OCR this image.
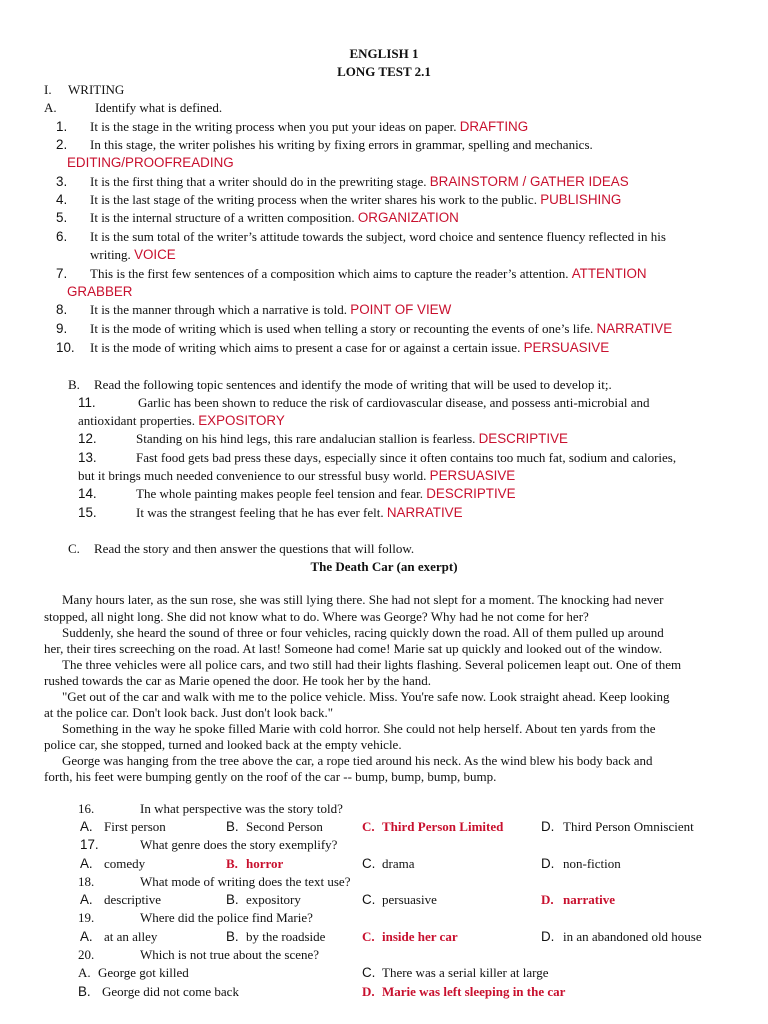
ENGLISH 1
LONG TEST 2.1
I. WRITING
A.	Identify what is defined.
1. It is the stage in the writing process when you put your ideas on paper. DRAFTING
2. In this stage, the writer polishes his writing by fixing errors in grammar, spelling and mechanics.
EDITING/PROOFREADING
3. It is the first thing that a writer should do in the prewriting stage. BRAINSTORM / GATHER IDEAS
4. It is the last stage of the writing process when the writer shares his work to the public. PUBLISHING
5. It is the internal structure of a written composition. ORGANIZATION
6. It is the sum total of the writer’s attitude towards the subject, word choice and sentence fluency reflected in his
writing. VOICE
7. This is the first few sentences of a composition which aims to capture the reader’s attention. ATTENTION
GRABBER
8. It is the manner through which a narrative is told. POINT OF VIEW
9. It is the mode of writing which is used when telling a story or recounting the events of one’s life. NARRATIVE
10. It is the mode of writing which aims to present a case for or against a certain issue. PERSUASIVE
B. Read the following topic sentences and identify the mode of writing that will be used to develop it;.
11.	Garlic has been shown to reduce the risk of cardiovascular disease, and possess anti-microbial and
antioxidant properties. EXPOSITORY
12.	Standing on his hind legs, this rare andalucian stallion is fearless. DESCRIPTIVE
13.	Fast food gets bad press these days, especially since it often contains too much fat, sodium and calories,
but it brings much needed convenience to our stressful busy world. PERSUASIVE
14.	The whole painting makes people feel tension and fear. DESCRIPTIVE
15.	It was the strangest feeling that he has ever felt. NARRATIVE
C. Read the story and then answer the questions that will follow.
The Death Car (an exerpt)
Many hours later, as the sun rose, she was still lying there. She had not slept for a moment. The knocking had never
stopped, all night long. She did not know what to do. Where was George? Why had he not come for her?
Suddenly, she heard the sound of three or four vehicles, racing quickly down the road. All of them pulled up around
her, their tires screeching on the road. At last! Someone had come! Marie sat up quickly and looked out of the window.
The three vehicles were all police cars, and two still had their lights flashing. Several policemen leapt out. One of them
rushed towards the car as Marie opened the door. He took her by the hand.
"Get out of the car and walk with me to the police vehicle. Miss. You're safe now. Look straight ahead. Keep looking
at the police car. Don't look back. Just don't look back."
Something in the way he spoke filled Marie with cold horror. She could not help herself. About ten yards from the
police car, she stopped, turned and looked back at the empty vehicle.
George was hanging from the tree above the car, a rope tied around his neck. As the wind blew his body back and
forth, his feet were bumping gently on the roof of the car -- bump, bump, bump, bump.
16.	In what perspective was the story told?
A. First person	B. Second Person	C. Third Person Limited	D. Third Person Omniscient
17.	What genre does the story exemplify?
A. comedy	B. horror	C. drama	D. non-fiction
18.	What mode of writing does the text use?
A. descriptive	B. expository	C. persuasive	D. narrative
19.	Where did the police find Marie?
A. at an alley	B. by the roadside	C. inside her car	D. in an abandoned old house
20.	Which is not true about the scene?
A. George got killed	C. There was a serial killer at large
B. George did not come back	D. Marie was left sleeping in the car
